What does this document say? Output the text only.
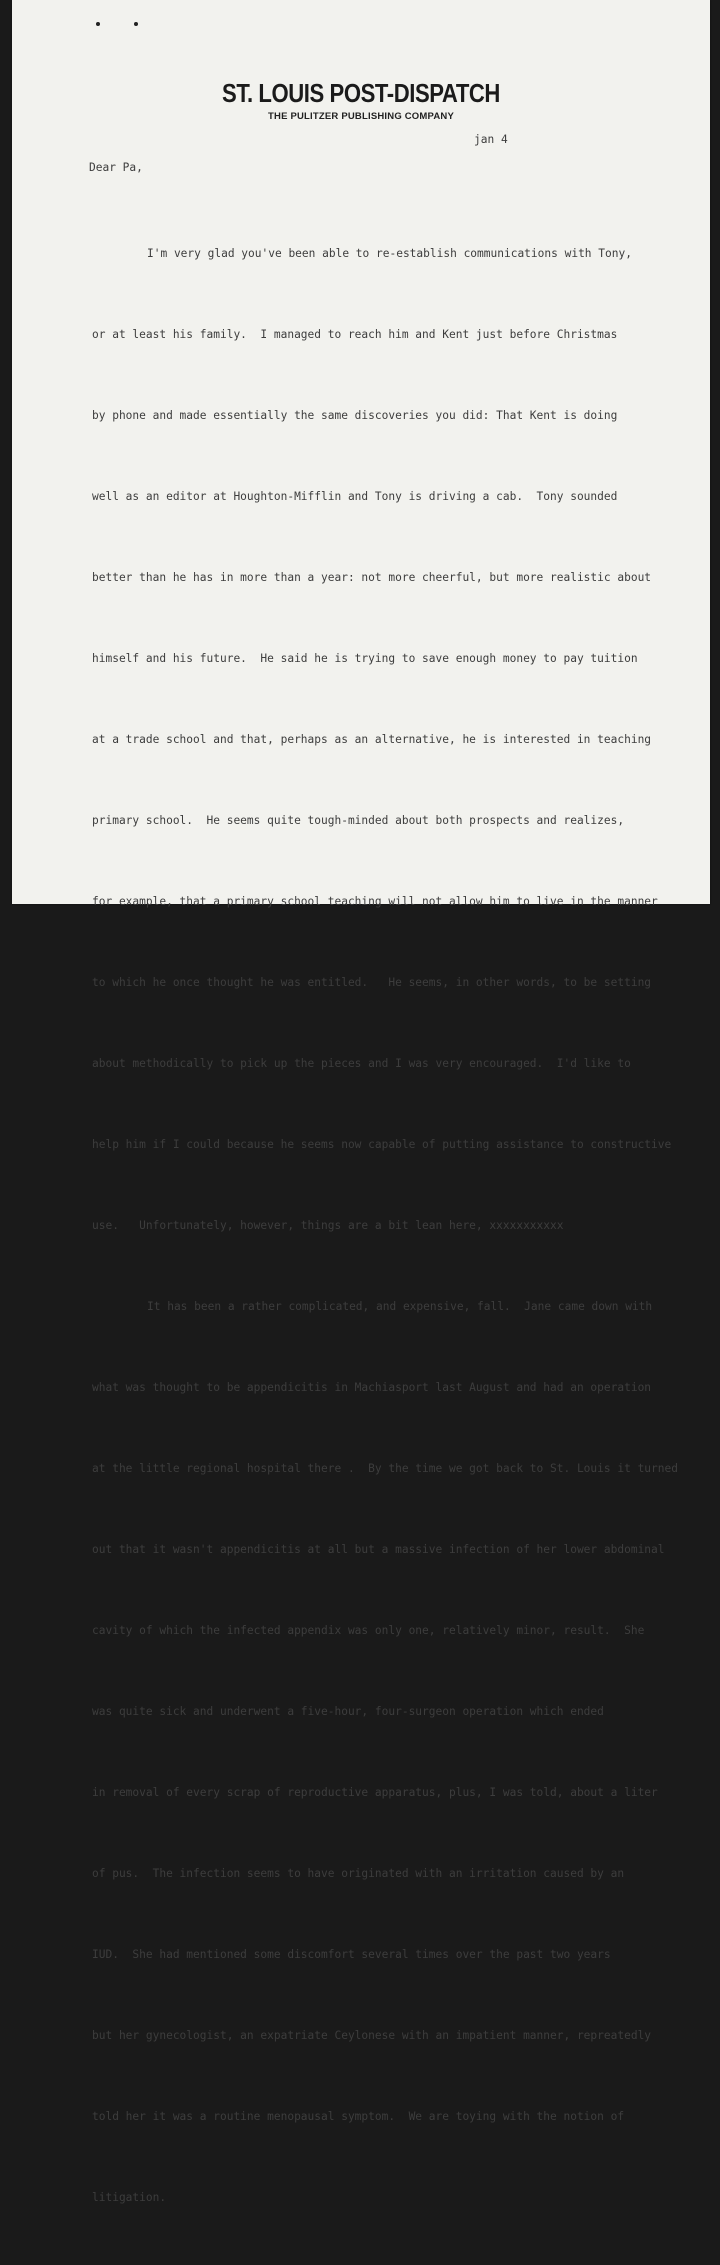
ST. LOUIS POST-DISPATCH
THE PULITZER PUBLISHING COMPANY
jan 4
Dear Pa,

I'm very glad you've been able to re-establish communications with Tony,

or at least his family.  I managed to reach him and Kent just before Christmas

by phone and made essentially the same discoveries you did: That Kent is doing

well as an editor at Houghton-Mifflin and Tony is driving a cab.  Tony sounded

better than he has in more than a year: not more cheerful, but more realistic about

himself and his future.  He said he is trying to save enough money to pay tuition

at a trade school and that, perhaps as an alternative, he is interested in teaching

primary school.  He seems quite tough-minded about both prospects and realizes,

for example, that a primary school teaching will not allow him to live in the manner

to which he once thought he was entitled.   He seems, in other words, to be setting

about methodically to pick up the pieces and I was very encouraged.  I'd like to

help him if I could because he seems now capable of putting assistance to constructive

use.   Unfortunately, however, things are a bit lean here, xxxxxxxxxxx

It has been a rather complicated, and expensive, fall.  Jane came down with

what was thought to be appendicitis in Machiasport last August and had an operation

at the little regional hospital there .  By the time we got back to St. Louis it turned

out that it wasn't appendicitis at all but a massive infection of her lower abdominal

cavity of which the infected appendix was only one, relatively minor, result.  She

was quite sick and underwent a five-hour, four-surgeon operation which ended

in removal of every scrap of reproductive apparatus, plus, I was told, about a liter

of pus.  The infection seems to have originated with an irritation caused by an

IUD.  She had mentioned some discomfort several times over the past two years

but her gynecologist, an expatriate Ceylonese with an impatient manner, repreatedly

told her it was a routine menopausal symptom.  We are toying with the notion of

litigation.
